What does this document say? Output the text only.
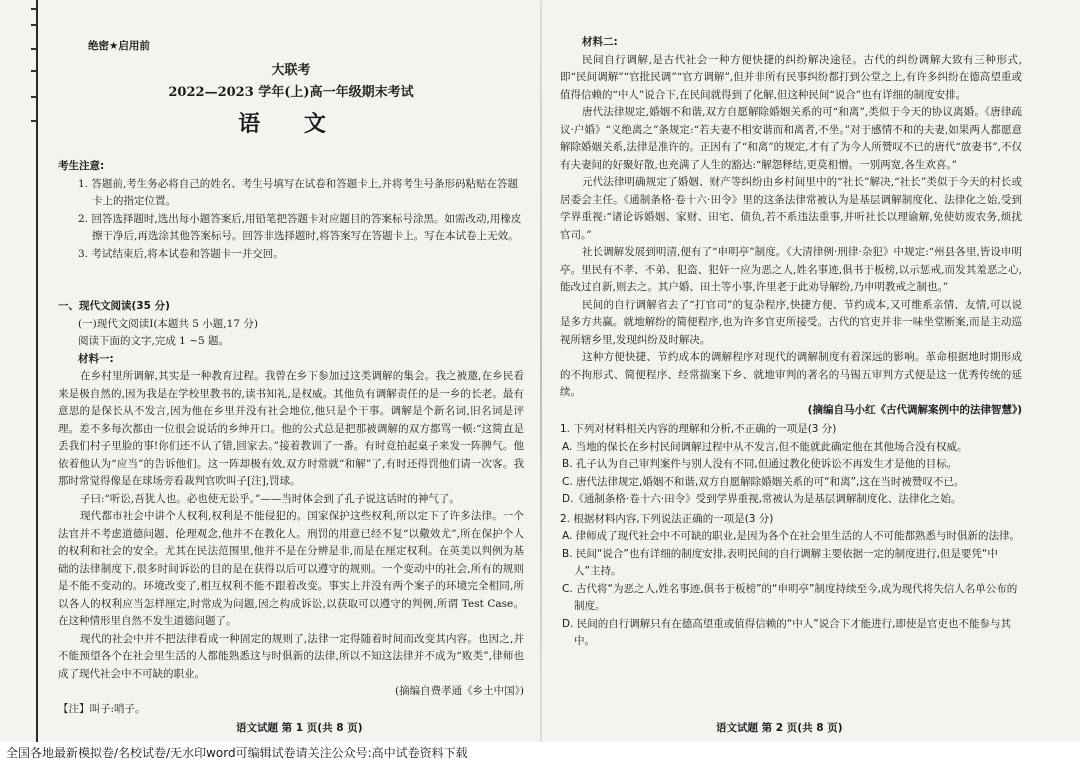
绝密★启用前
大联考
2022—2023 学年(上)高一年级期末考试
语 文
考生注意:
1. 答题前,考生务必将自己的姓名、考生号填写在试卷和答题卡上,并将考生号条形码粘贴在答题卡上的指定位置。
2. 回答选择题时,选出每小题答案后,用铅笔把答题卡对应题目的答案标号涂黑。如需改动,用橡皮擦干净后,再选涂其他答案标号。回答非选择题时,将答案写在答题卡上。写在本试卷上无效。
3. 考试结束后,将本试卷和答题卡一并交回。
一、现代文阅读(35 分)
(一)现代文阅读Ⅰ(本题共 5 小题,17 分)
阅读下面的文字,完成 1 ~5 题。
材料一:
在乡村里所调解,其实是一种教育过程。我曾在乡下参加过这类调解的集会。我之被邀,在乡民看来是极自然的,因为我是在学校里教书的,读书知礼,是权威。其他负有调解责任的是一乡的长老。最有意思的是保长从不发言,因为他在乡里并没有社会地位,他只是个干事。调解是个新名词,旧名词是评理。差不多每次都由一位很会说话的乡绅开口。他的公式总是把那被调解的双方都骂一顿:“这简直是丢我们村子里脸的事!你们还不认了错,回家去。”接着教训了一番。有时竟拍起桌子来发一阵脾气。他依着他认为“应当”的告诉他们。这一阵却极有效,双方时常就“和解”了,有时还得罚他们请一次客。我那时常觉得像是在球场旁看裁判官吹叫子[注],罚球。
子曰:“听讼,吾犹人也。必也使无讼乎。”——当时体会到了孔子说这话时的神气了。
现代都市社会中讲个人权利,权利是不能侵犯的。国家保护这些权利,所以定下了许多法律。一个法官并不考虑道德问题、伦理观念,他并不在教化人。刑罚的用意已经不复“以儆效尤”,所在保护个人的权利和社会的安全。尤其在民法范围里,他并不是在分辨是非,而是在厘定权利。在英美以判例为基础的法律制度下,很多时间诉讼的目的是在获得以后可以遵守的规则。一个变动中的社会,所有的规则是不能不变动的。环境改变了,相互权利不能不跟着改变。事实上并没有两个案子的环境完全相同,所以各人的权利应当怎样厘定,时常成为问题,因之构成诉讼,以获取可以遵守的判例,所谓 Test Case。在这种情形里自然不发生道德问题了。
现代的社会中并不把法律看成一种固定的规则了,法律一定得随着时间而改变其内容。也因之,并不能预望各个在社会里生活的人都能熟悉这与时俱新的法律,所以不知这法律并不成为“败类”,律师也成了现代社会中不可缺的职业。
(摘编自费孝通《乡土中国》)
【注】叫子:哨子。
材料二:
民间自行调解,是古代社会一种方便快捷的纠纷解决途径。古代的纠纷调解大致有三种形式,即“民间调解”“官批民调”“官方调解”,但并非所有民事纠纷都打到公堂之上,有许多纠纷在德高望重或值得信赖的“中人”说合下,在民间就得到了化解,但这种民间“说合”也有详细的制度安排。
唐代法律规定,婚姻不和谐,双方自愿解除婚姻关系的可“和离”,类似于今天的协议离婚。《唐律疏议·户婚》“义绝离之”条规定:“若夫妻不相安谐而和离者,不坐。”对于感情不和的夫妻,如果两人都愿意解除婚姻关系,法律是准许的。正因有了“和离”的规定,才有了为今人所赞叹不已的唐代“放妻书”,不仅有夫妻间的好聚好散,也充满了人生的豁达:“解怨释结,更莫相憎。一别两宽,各生欢喜。”
元代法律明确规定了婚姻、财产等纠纷由乡村间里中的“社长”解决,“社长”类似于今天的村长或居委会主任。《通制条格·卷十六·田令》里的这条法律常被认为是基层调解制度化、法律化之始,受到学界重视:“诸论诉婚姻、家财、田宅、债负,若不系违法重事,并听社长以理谕解,免使妨废农务,烦扰官司。”
社长调解发展到明清,便有了“申明亭”制度。《大清律例·刑律·杂犯》中规定:“州县各里,皆设申明亭。里民有不孝、不弟、犯盗、犯奸一应为恶之人,姓名事迹,俱书于板榜,以示惩戒,而发其羞恶之心,能改过自新,则去之。其户婚、田土等小事,许里老于此劝导解纷,乃申明教戒之制也。”
民间的自行调解省去了“打官司”的复杂程序,快捷方便、节约成本,又可维系亲情、友情,可以说是多方共赢。就地解纷的简便程序,也为许多官吏所接受。古代的官吏并非一味坐堂断案,而是主动巡视所辖乡里,发现纠纷及时解决。
这种方便快捷、节约成本的调解程序对现代的调解制度有着深远的影响。革命根据地时期形成的不拘形式、简便程序、经常揣案下乡、就地审判的著名的马锡五审判方式便是这一优秀传统的延续。
(摘编自马小红《古代调解案例中的法律智慧》)
1. 下列对材料相关内容的理解和分析,不正确的一项是(3 分)
A. 当地的保长在乡村民间调解过程中从不发言,但不能就此确定他在其他场合没有权威。
B. 孔子认为自己审判案件与别人没有不同,但通过教化使诉讼不再发生才是他的目标。
C. 唐代法律规定,婚姻不和谐,双方自愿解除婚姻关系的可“和离”,这在当时被赞叹不已。
D.《通制条格·卷十六·田令》受到学界重视,常被认为是基层调解制度化、法律化之始。
2. 根据材料内容,下列说法正确的一项是(3 分)
A. 律师成了现代社会中不可缺的职业,是因为各个在社会里生活的人不可能都熟悉与时俱新的法律。
B. 民间“说合”也有详细的制度安排,表明民间的自行调解主要依据一定的制度进行,但是要凭“中人”主持。
C. 古代将“为恶之人,姓名事迹,俱书于板榜”的“申明亭”制度持续至今,成为现代将失信人名单公布的制度。
D. 民间的自行调解只有在德高望重或值得信赖的“中人”说合下才能进行,即使是官吏也不能参与其中。
语文试题 第 1 页(共 8 页)	语文试题 第 2 页(共 8 页)
全国各地最新模拟卷/名校试卷/无水印word可编辑试卷请关注公众号:高中试卷资料下载
